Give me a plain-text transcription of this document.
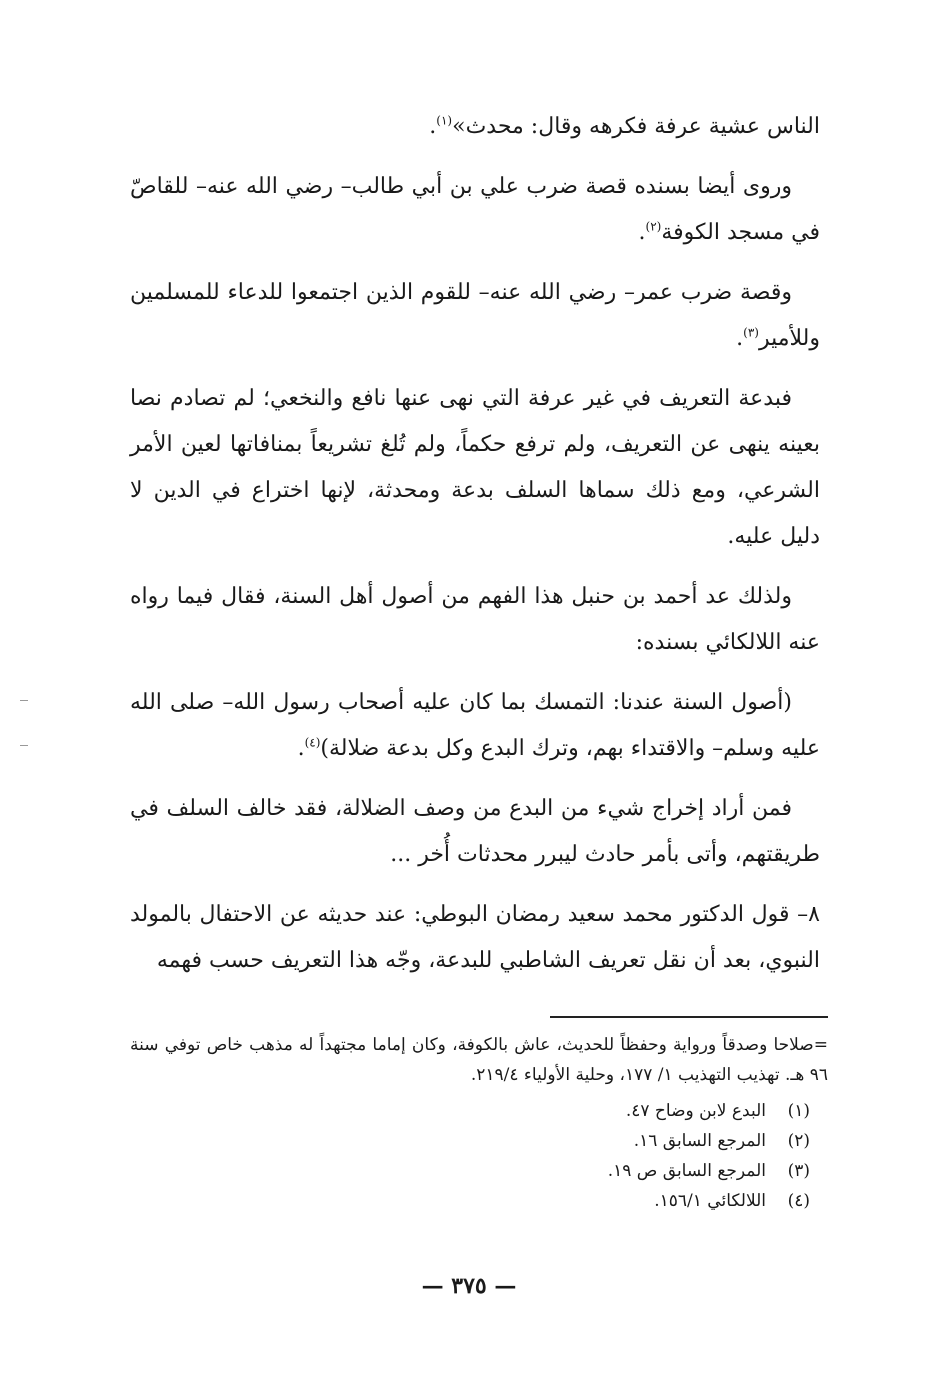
الناس عشية عرفة فكرهه وقال: محدث»$^{(١)}$.

وروى أيضا بسنده قصة ضرب علي بن أبي طالب– رضي الله عنه– للقاصّ في مسجد الكوفة$^{(٢)}$.

وقصة ضرب عمر– رضي الله عنه– للقوم الذين اجتمعوا للدعاء للمسلمين وللأمير$^{(٣)}$.

فبدعة التعريف في غير عرفة التي نهى عنها نافع والنخعي؛ لم تصادم نصا بعينه ينهى عن التعريف، ولم ترفع حكماً، ولم تُلغ تشريعاً بمنافاتها لعين الأمر الشرعي، ومع ذلك سماها السلف بدعة ومحدثة، لإنها اختراع في الدين لا دليل عليه.

ولذلك عد أحمد بن حنبل هذا الفهم من أصول أهل السنة، فقال فيما رواه عنه اللالكائي بسنده:

(أصول السنة عندنا: التمسك بما كان عليه أصحاب رسول الله– صلى الله عليه وسلم– والاقتداء بهم، وترك البدع وكل بدعة ضلالة)$^{(٤)}$.

فمن أراد إخراج شيء من البدع من وصف الضلالة، فقد خالف السلف في طريقتهم، وأتى بأمر حادث ليبرر محدثات أُخر ...

٨– قول الدكتور محمد سعيد رمضان البوطي: عند حديثه عن الاحتفال بالمولد النبوي، بعد أن نقل تعريف الشاطبي للبدعة، وجّه هذا التعريف حسب فهمه

=صلاحا وصدقاً ورواية وحفظاً للحديث، عاش بالكوفة، وكان إماما مجتهداً له مذهب خاص توفي سنة ٩٦ هـ. تهذيب التهذيب ١/ ١٧٧، وحلية الأولياء ٢١٩/٤.

(١)
البدع لابن وضاح ٤٧.
(٢)
المرجع السابق ١٦.
(٣)
المرجع السابق ص ١٩.
(٤)
اللالكائي ١٥٦/١.
— ٣٧٥ —
